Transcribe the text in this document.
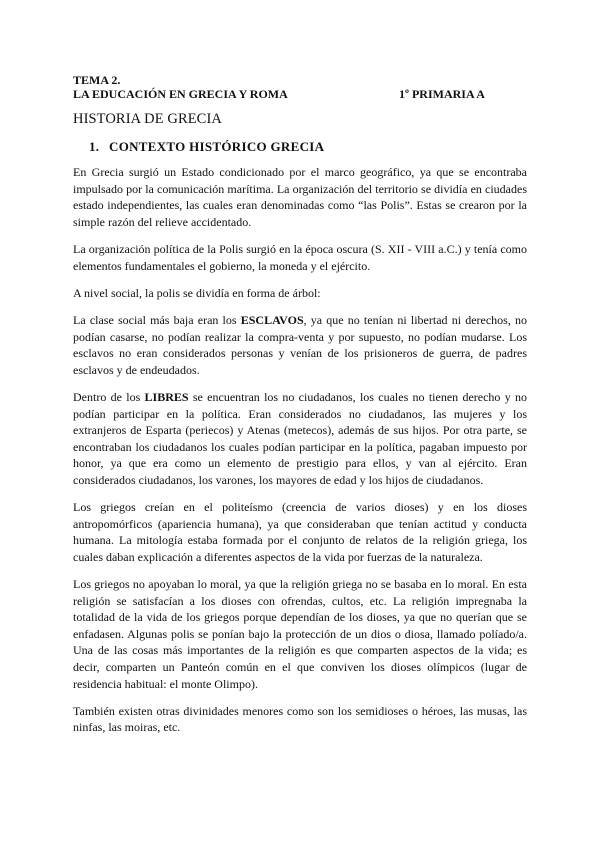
TEMA 2.
LA EDUCACIÓN EN GRECIA Y ROMA	1º PRIMARIA A
HISTORIA DE GRECIA
1. CONTEXTO HISTÓRICO GRECIA

En Grecia surgió un Estado condicionado por el marco geográfico, ya que se encontraba impulsado por la comunicación marítima. La organización del territorio se dividía en ciudades estado independientes, las cuales eran denominadas como “las Polis”. Estas se crearon por la simple razón del relieve accidentado.

La organización política de la Polis surgió en la época oscura (S. XII - VIII a.C.) y tenía como elementos fundamentales el gobierno, la moneda y el ejército.

A nivel social, la polis se dividía en forma de árbol:

La clase social más baja eran los ESCLAVOS, ya que no tenían ni libertad ni derechos, no podían casarse, no podían realizar la compra-venta y por supuesto, no podían mudarse. Los esclavos no eran considerados personas y venían de los prisioneros de guerra, de padres esclavos y de endeudados.

Dentro de los LIBRES se encuentran los no ciudadanos, los cuales no tienen derecho y no podían participar en la política. Eran considerados no ciudadanos, las mujeres y los extranjeros de Esparta (periecos) y Atenas (metecos), además de sus hijos. Por otra parte, se encontraban los ciudadanos los cuales podían participar en la política, pagaban impuesto por honor, ya que era como un elemento de prestigio para ellos, y van al ejército. Eran considerados ciudadanos, los varones, los mayores de edad y los hijos de ciudadanos.

Los griegos creían en el politeísmo (creencia de varios dioses) y en los dioses antropomórficos (apariencia humana), ya que consideraban que tenían actitud y conducta humana. La mitología estaba formada por el conjunto de relatos de la religión griega, los cuales daban explicación a diferentes aspectos de la vida por fuerzas de la naturaleza.

Los griegos no apoyaban lo moral, ya que la religión griega no se basaba en lo moral. En esta religión se satisfacían a los dioses con ofrendas, cultos, etc. La religión impregnaba la totalidad de la vida de los griegos porque dependían de los dioses, ya que no querían que se enfadasen. Algunas polis se ponían bajo la protección de un dios o diosa, llamado políado/a. Una de las cosas más importantes de la religión es que comparten aspectos de la vida; es decir, comparten un Panteón común en el que conviven los dioses olímpicos (lugar de residencia habitual: el monte Olimpo).

También existen otras divinidades menores como son los semidioses o héroes, las musas, las ninfas, las moiras, etc.
